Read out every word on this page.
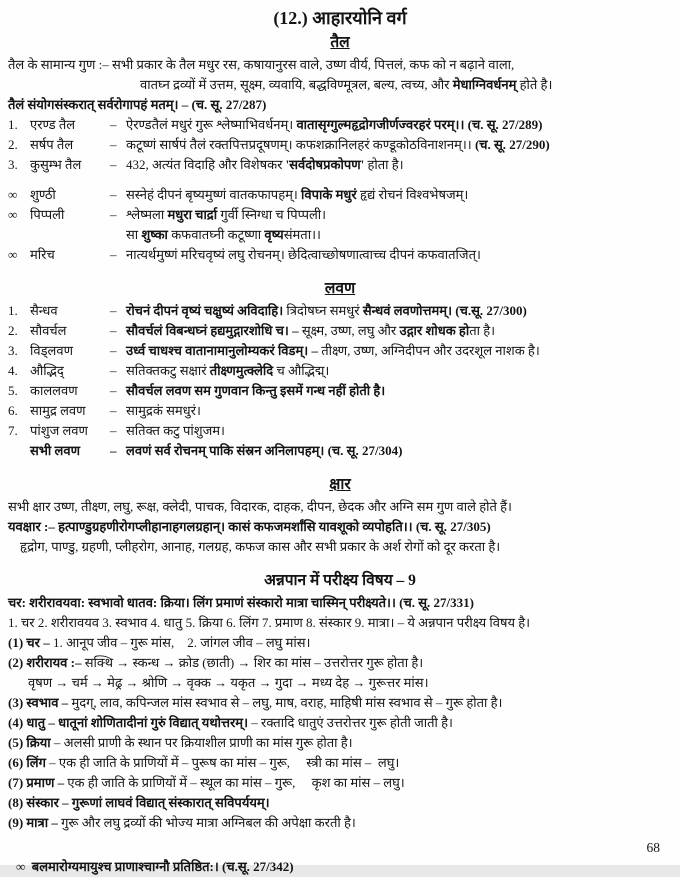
(12.) आहारयोनि वर्ग
तैल
तैल के सामान्य गुण :– सभी प्रकार के तैल मधुर रस, कषायानुरस वाले, उष्ण वीर्य, पित्तलं, कफ को न बढ़ाने वाला,
वातघ्न द्रव्यों में उत्तम, सूक्ष्म, व्यवायि, बद्धविण्मूत्रल, बल्य, त्वच्य, और मेधाग्निवर्धनम् होते है।
तैलं संयोगसंस्करात् सर्वरोगापहं मतम्। – (च. सू. 27/287)
1. एरण्ड तैल	– ऐरण्डतैलं मधुरं गुरू श्लेष्माभिवर्धनम्। वातासृग्गुल्महृद्रोगजीर्णज्वरहरं परम्।। (च. सू. 27/289)
2. सर्षप तैल	– कटूष्णं सार्षपं तैलं रक्तपित्तप्रदूषणम्। कफशक्रानिलहरं कण्डूकोठविनाशनम्।। (च. सू. 27/290)
3. कुसुम्भ तैल	– 432, अत्यंत विदाहि और विशेषकर 'सर्वदोषप्रकोपण' होता है।
∞ शुण्ठी	– सस्नेहं दीपनं बृष्यमुष्णं वातकफापहम्। विपाके मधुरं हृद्यं रोचनं विश्वभेषजम्।
∞ पिप्पली	– श्लेष्मला मधुरा चार्द्रा गुर्वी स्निग्धा च पिप्पली।
सा शुष्का कफवातघ्नी कटूष्णा वृष्यसंमता।।
∞ मरिच	– नात्यर्थमुष्णं मरिचवृष्यं लघु रोचनम्। छेदित्वाच्छोषणात्वाच्च दीपनं कफवातजित्।
लवण
1. सैन्धव	– रोचनं दीपनं वृष्यं चक्षुष्यं अविदाहि। त्रिदोषघ्न समधुरं सैन्धवं लवणोत्तमम्। (च.सू. 27/300)
2. सौवर्चल	– सौवर्चलं विबन्धघ्नं हद्यमुद्गारशोधि च। – सूक्ष्म, उष्ण, लघु और उद्गार शोधक होता है।
3. विड्लवण	– उर्ध्व चाधश्च वातानामानुलोम्यकरं विडम्। – तीक्ष्ण, उष्ण, अग्निदीपन और उदरशूल नाशक है।
4. औद्भिद्	– सतिक्तकटु सक्षारं तीक्ष्णमुत्क्लेदि च औद्भिद्म्।
5. काललवण	– सौवर्चल लवण सम गुणवान किन्तु इसमें गन्ध नहीं होती है।
6. सामुद्र लवण	– सामुद्रकं समधुरं।
7. पांशुज लवण	– सतिक्त कटु पांशुजम।
सभी लवण	– लवणं सर्व रोचनम् पाकि संस्रन अनिलापहम्। (च. सू. 27/304)
क्षार
सभी क्षार उष्ण, तीक्ष्ण, लघु, रूक्ष, क्लेदी, पाचक, विदारक, दाहक, दीपन, छेदक और अग्नि सम गुण वाले होते हैं।
यवक्षार :– हत्पाण्डुग्रहणीरोगप्लीहानाहगलग्रहान्। कासं कफजमर्शांसि यावशूको व्यपोहति।। (च. सू. 27/305)
हृद्रोग, पाण्डु, ग्रहणी, प्लीहरोग, आनाह, गलग्रह, कफज कास और सभी प्रकार के अर्श रोगों को दूर करता है।
अन्नपान में परीक्ष्य विषय – 9
चर: शरीरावयवा: स्वभावो धातव: क्रिया। लिंग प्रमाणं संस्कारो मात्रा चास्मिन् परीक्ष्यते।। (च. सू. 27/331)
1. चर 2. शरीरावयव 3. स्वभाव 4. धातु 5. क्रिया 6. लिंग 7. प्रमाण 8. संस्कार 9. मात्रा। – ये अन्नपान परीक्ष्य विषय है।
(1) चर – 1. आनूप जीव – गुरू मांस,    2. जांगल जीव – लघु मांस।
(2) शरीरायव :– सक्थि → स्कन्ध → क्रोड (छाती) → शिर का मांस – उत्तरोत्तर गुरू होता है।
वृषण → चर्म → मेढ्र → श्रोणि → वृक्क → यकृत → गुदा → मध्य देह → गुरूत्तर मांस।
(3) स्वभाव – मुदग्, लाव, कपिन्जल मांस स्वभाव से – लघु, माष, वराह, माहिषी मांस स्वभाव से – गुरू होता है।
(4) धातु – धातूनां शोणितादीनां गुरुं विद्यात् यथोत्तरम्। – रक्तादि धातुएं उत्तरोत्तर गुरू होती जाती है।
(5) क्रिया – अलसी प्राणी के स्थान पर क्रियाशील प्राणी का मांस गुरू होता है।
(6) लिंग – एक ही जाति के प्राणियों में – पुरूष का मांस – गुरू,     स्त्री का मांस –  लघु।
(7) प्रमाण – एक ही जाति के प्राणियों में – स्थूल का मांस – गुरू,     कृश का मांस – लघु।
(8) संस्कार – गुरूणां लाघवं विद्यात् संस्कारात् सविपर्ययम्।
(9) मात्रा – गुरू और लघु द्रव्यों की भोज्य मात्रा अग्निबल की अपेक्षा करती है।
68
∞  बलमारोग्यमायुश्च प्राणाश्चाग्नौ प्रतिष्ठित:। (च.सू. 27/342)
